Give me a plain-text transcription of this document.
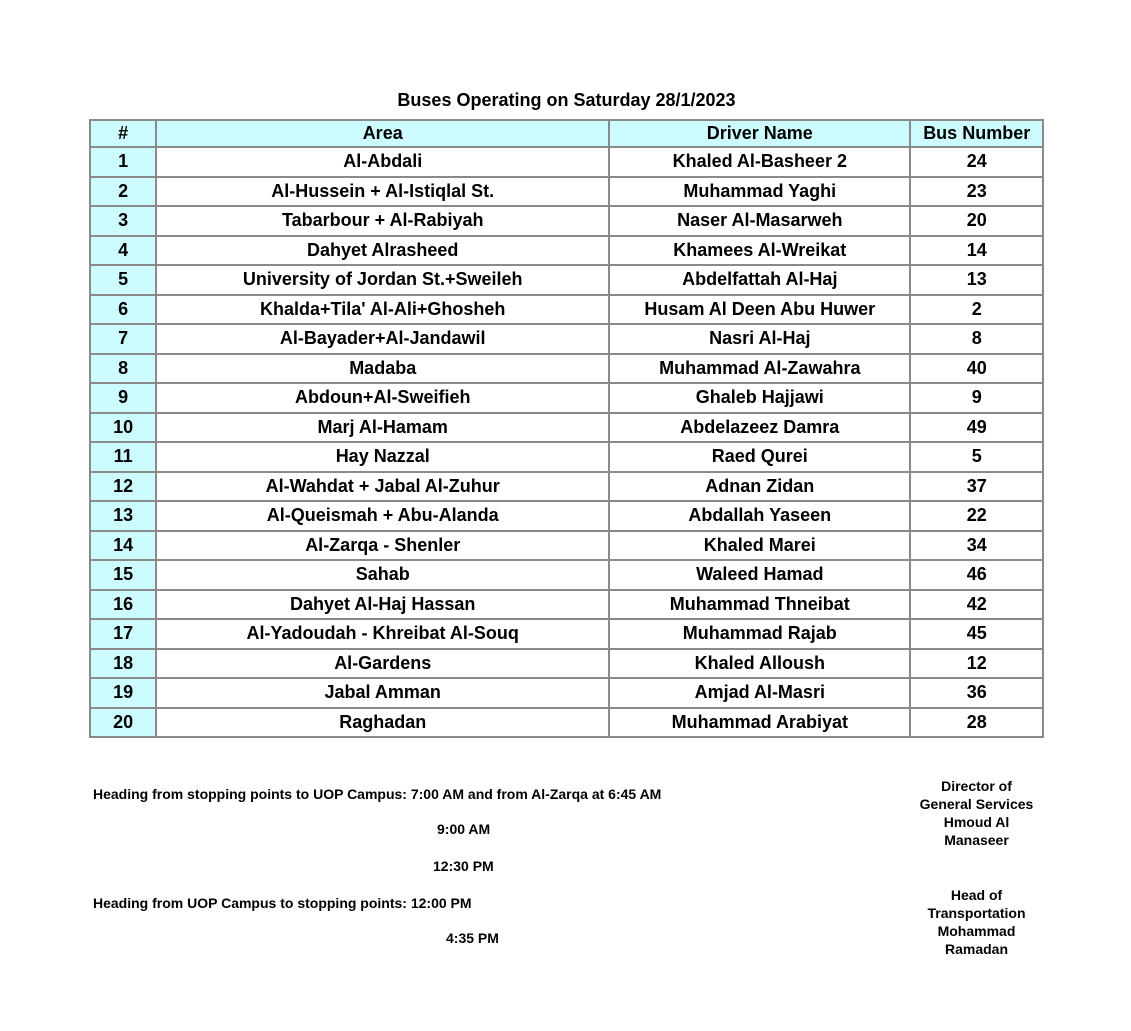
Buses Operating on Saturday 28/1/2023
#	Area	Driver Name	Bus Number
1	Al-Abdali	Khaled Al-Basheer 2	24
2	Al-Hussein + Al-Istiqlal St.	Muhammad Yaghi	23
3	Tabarbour + Al-Rabiyah	Naser Al-Masarweh	20
4	Dahyet Alrasheed	Khamees Al-Wreikat	14
5	University of Jordan St.+Sweileh	Abdelfattah Al-Haj	13
6	Khalda+Tila' Al-Ali+Ghosheh	Husam Al Deen Abu Huwer	2
7	Al-Bayader+Al-Jandawil	Nasri Al-Haj	8
8	Madaba	Muhammad Al-Zawahra	40
9	Abdoun+Al-Sweifieh	Ghaleb Hajjawi	9
10	Marj Al-Hamam	Abdelazeez Damra	49
11	Hay Nazzal	Raed Qurei	5
12	Al-Wahdat + Jabal Al-Zuhur	Adnan Zidan	37
13	Al-Queismah + Abu-Alanda	Abdallah Yaseen	22
14	Al-Zarqa - Shenler	Khaled Marei	34
15	Sahab	Waleed Hamad	46
16	Dahyet Al-Haj Hassan	Muhammad Thneibat	42
17	Al-Yadoudah - Khreibat Al-Souq	Muhammad Rajab	45
18	Al-Gardens	Khaled Alloush	12
19	Jabal Amman	Amjad Al-Masri	36
20	Raghadan	Muhammad Arabiyat	28
Heading from stopping points to UOP Campus: 7:00 AM and from Al-Zarqa at 6:45 AM
9:00 AM
12:30 PM
Heading from UOP Campus to stopping points: 12:00 PM
4:35 PM
Director of
General Services
Hmoud Al
Manaseer
Head of
Transportation
Mohammad
Ramadan
